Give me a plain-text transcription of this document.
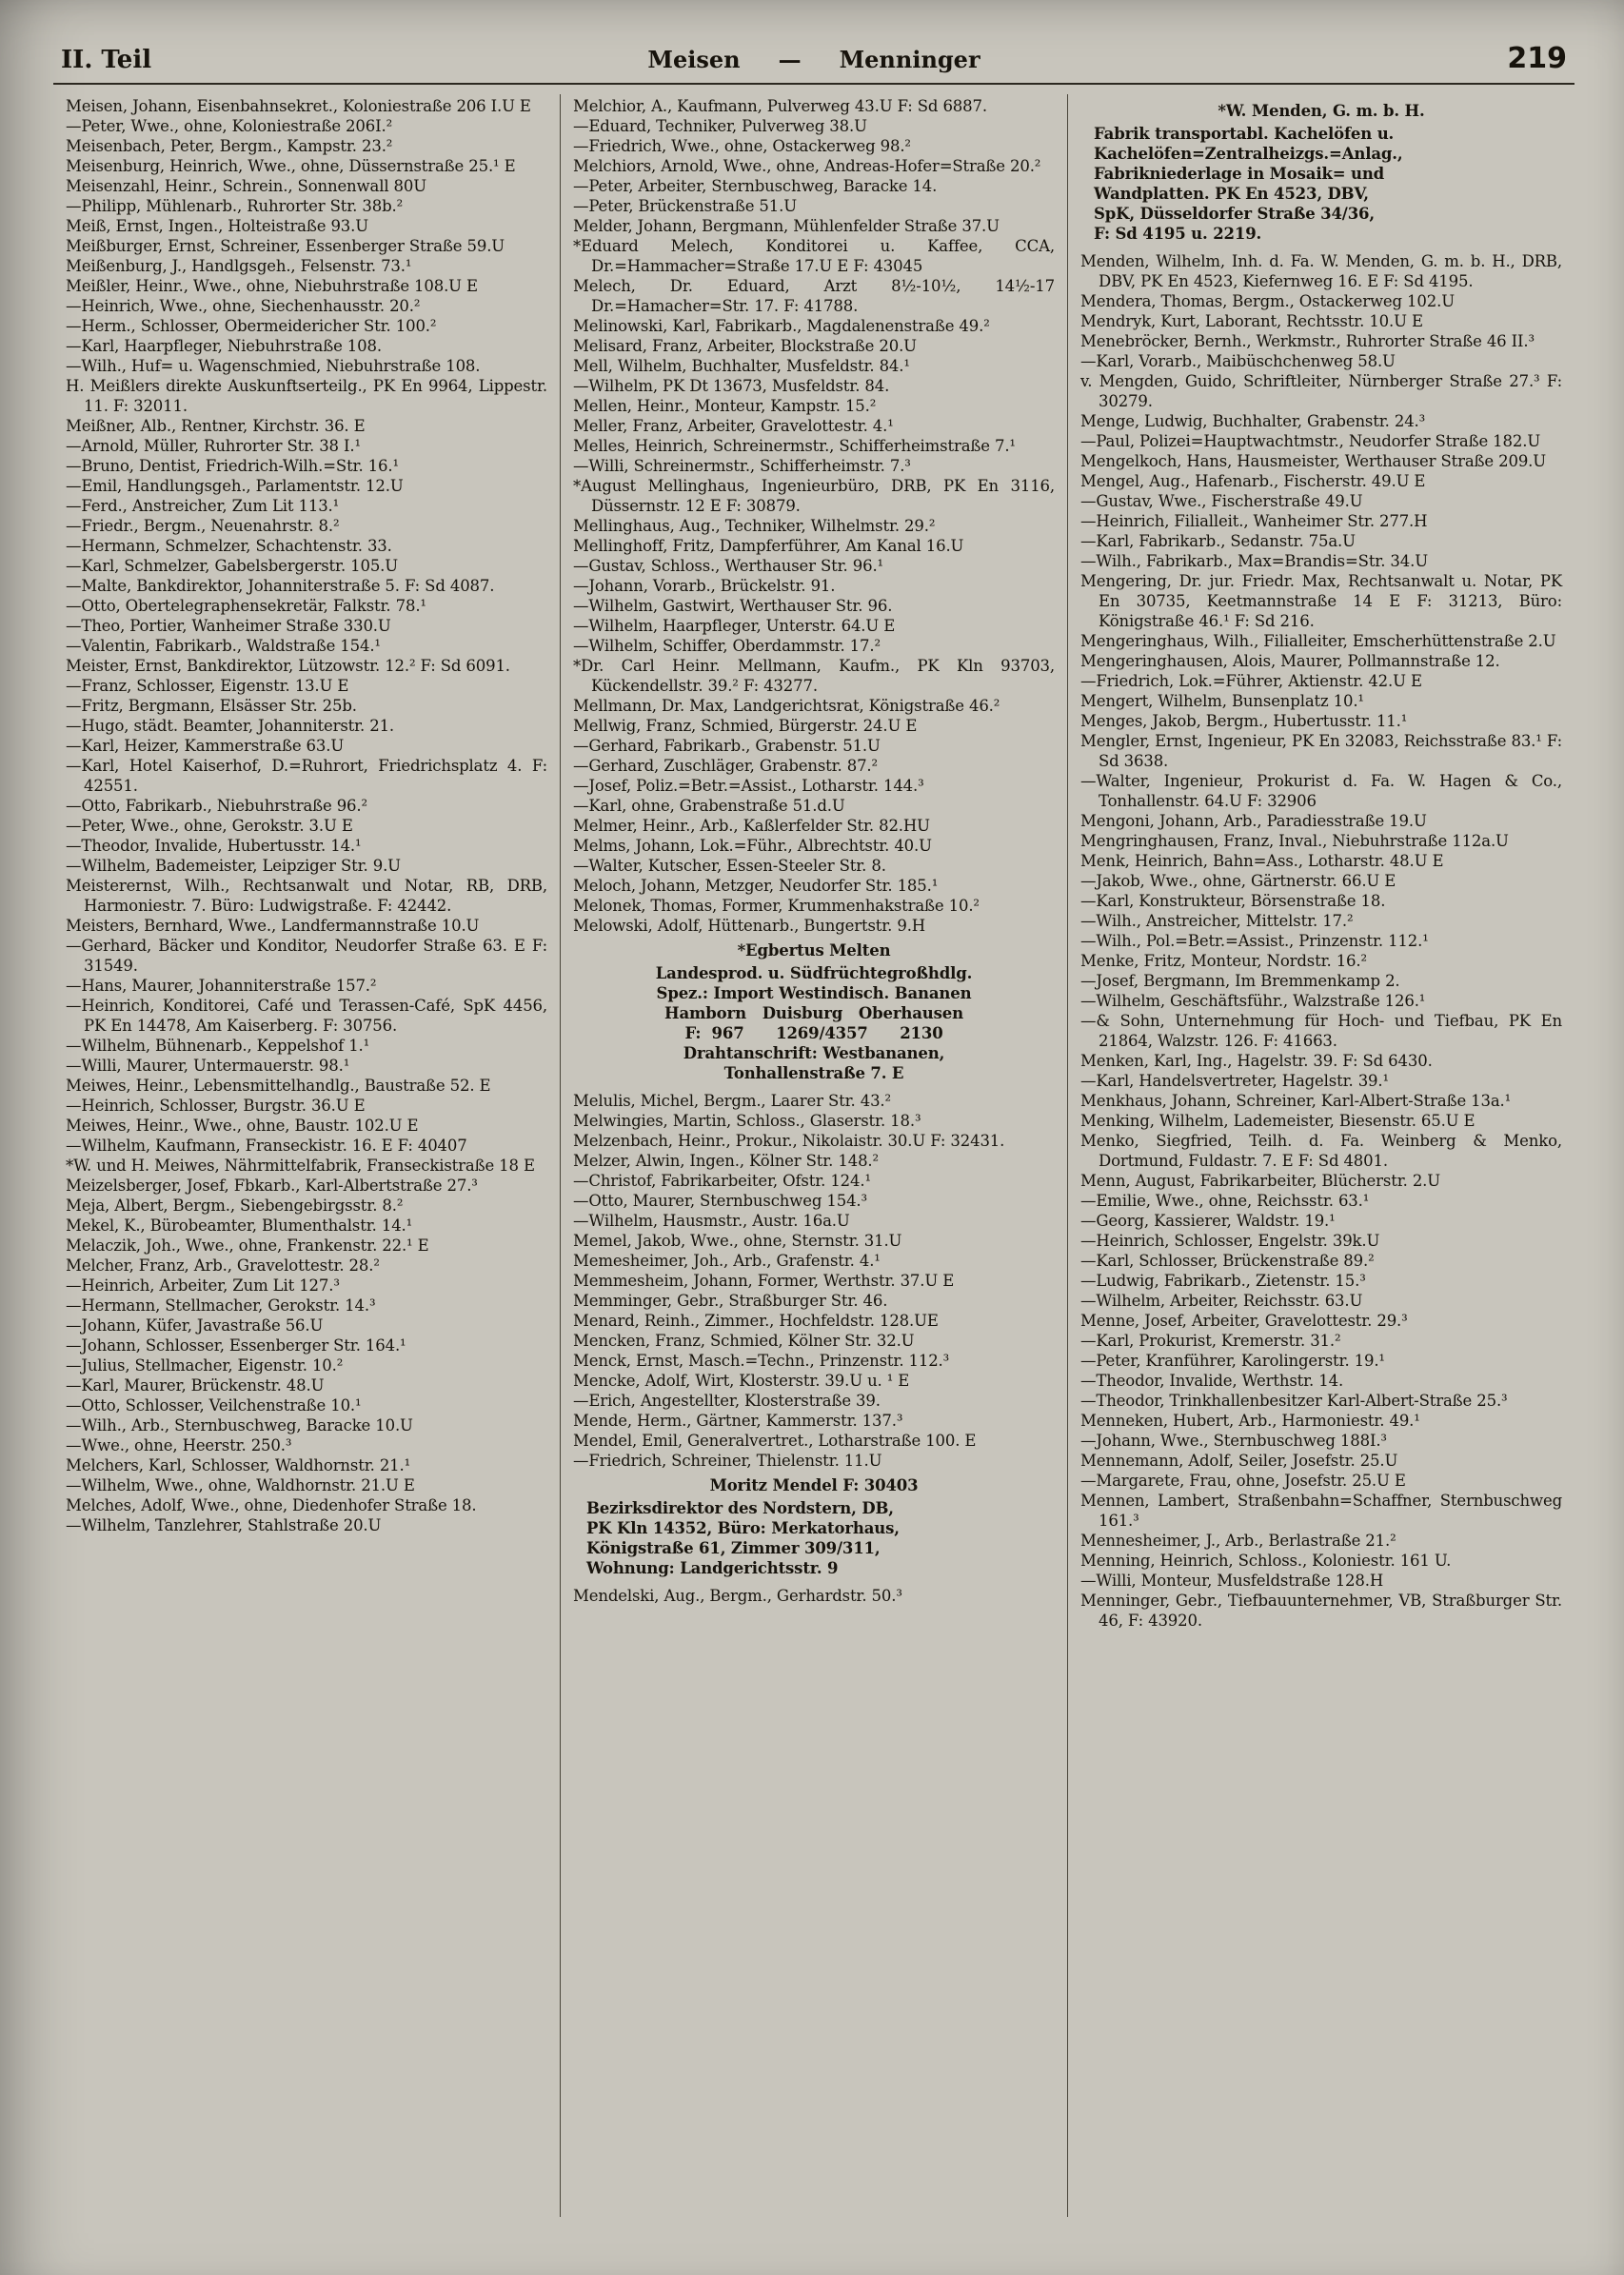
II. Teil	Meisen — Menninger	219

Meisen, Johann, Eisenbahnsekret., Koloniestraße 206 I.U E

—Peter, Wwe., ohne, Koloniestraße 206I.²

Meisenbach, Peter, Bergm., Kampstr. 23.²

Meisenburg, Heinrich, Wwe., ohne, Düssernstraße 25.¹ E

Meisenzahl, Heinr., Schrein., Sonnenwall 80U

—Philipp, Mühlenarb., Ruhrorter Str. 38b.²

Meiß, Ernst, Ingen., Holteistraße 93.U

Meißburger, Ernst, Schreiner, Essenberger Straße 59.U

Meißenburg, J., Handlgsgeh., Felsenstr. 73.¹

Meißler, Heinr., Wwe., ohne, Niebuhrstraße 108.U E

—Heinrich, Wwe., ohne, Siechenhausstr. 20.²

—Herm., Schlosser, Obermeidericher Str. 100.²

—Karl, Haarpfleger, Niebuhrstraße 108.

—Wilh., Huf= u. Wagenschmied, Niebuhrstraße 108.

H. Meißlers direkte Auskunftserteilg., PK En 9964, Lippestr. 11. F: 32011.

Meißner, Alb., Rentner, Kirchstr. 36. E

—Arnold, Müller, Ruhrorter Str. 38 I.¹

—Bruno, Dentist, Friedrich-Wilh.=Str. 16.¹

—Emil, Handlungsgeh., Parlamentstr. 12.U

—Ferd., Anstreicher, Zum Lit 113.¹

—Friedr., Bergm., Neuenahrstr. 8.²

—Hermann, Schmelzer, Schachtenstr. 33.

—Karl, Schmelzer, Gabelsbergerstr. 105.U

—Malte, Bankdirektor, Johanniterstraße 5. F: Sd 4087.

—Otto, Obertelegraphensekretär, Falkstr. 78.¹

—Theo, Portier, Wanheimer Straße 330.U

—Valentin, Fabrikarb., Waldstraße 154.¹

Meister, Ernst, Bankdirektor, Lützowstr. 12.² F: Sd 6091.

—Franz, Schlosser, Eigenstr. 13.U E

—Fritz, Bergmann, Elsässer Str. 25b.

—Hugo, städt. Beamter, Johanniterstr. 21.

—Karl, Heizer, Kammerstraße 63.U

—Karl, Hotel Kaiserhof, D.=Ruhrort, Friedrichsplatz 4. F: 42551.

—Otto, Fabrikarb., Niebuhrstraße 96.²

—Peter, Wwe., ohne, Gerokstr. 3.U E

—Theodor, Invalide, Hubertusstr. 14.¹

—Wilhelm, Bademeister, Leipziger Str. 9.U

Meisterernst, Wilh., Rechtsanwalt und Notar, RB, DRB, Harmoniestr. 7. Büro: Ludwigstraße. F: 42442.

Meisters, Bernhard, Wwe., Landfermannstraße 10.U

—Gerhard, Bäcker und Konditor, Neudorfer Straße 63. E F: 31549.

—Hans, Maurer, Johanniterstraße 157.²

—Heinrich, Konditorei, Café und Terassen-Café, SpK 4456, PK En 14478, Am Kaiserberg. F: 30756.

—Wilhelm, Bühnenarb., Keppelshof 1.¹

—Willi, Maurer, Untermauerstr. 98.¹

Meiwes, Heinr., Lebensmittelhandlg., Baustraße 52. E

—Heinrich, Schlosser, Burgstr. 36.U E

Meiwes, Heinr., Wwe., ohne, Baustr. 102.U E

—Wilhelm, Kaufmann, Franseckistr. 16. E F: 40407

*W. und H. Meiwes, Nährmittelfabrik, Franseckistraße 18 E

Meizelsberger, Josef, Fbkarb., Karl-Albertstraße 27.³

Meja, Albert, Bergm., Siebengebirgsstr. 8.²

Mekel, K., Bürobeamter, Blumenthalstr. 14.¹

Melaczik, Joh., Wwe., ohne, Frankenstr. 22.¹ E

Melcher, Franz, Arb., Gravelottestr. 28.²

—Heinrich, Arbeiter, Zum Lit 127.³

—Hermann, Stellmacher, Gerokstr. 14.³

—Johann, Küfer, Javastraße 56.U

—Johann, Schlosser, Essenberger Str. 164.¹

—Julius, Stellmacher, Eigenstr. 10.²

—Karl, Maurer, Brückenstr. 48.U

—Otto, Schlosser, Veilchenstraße 10.¹

—Wilh., Arb., Sternbuschweg, Baracke 10.U

—Wwe., ohne, Heerstr. 250.³

Melchers, Karl, Schlosser, Waldhornstr. 21.¹

—Wilhelm, Wwe., ohne, Waldhornstr. 21.U E

Melches, Adolf, Wwe., ohne, Diedenhofer Straße 18.

—Wilhelm, Tanzlehrer, Stahlstraße 20.U

Melchior, A., Kaufmann, Pulverweg 43.U F: Sd 6887.

—Eduard, Techniker, Pulverweg 38.U

—Friedrich, Wwe., ohne, Ostackerweg 98.²

Melchiors, Arnold, Wwe., ohne, Andreas-Hofer=Straße 20.²

—Peter, Arbeiter, Sternbuschweg, Baracke 14.

—Peter, Brückenstraße 51.U

Melder, Johann, Bergmann, Mühlenfelder Straße 37.U

*Eduard Melech, Konditorei u. Kaffee, CCA, Dr.=Hammacher=Straße 17.U E F: 43045

Melech, Dr. Eduard, Arzt 8½-10½, 14½-17 Dr.=Hamacher=Str. 17. F: 41788.

Melinowski, Karl, Fabrikarb., Magdalenenstraße 49.²

Melisard, Franz, Arbeiter, Blockstraße 20.U

Mell, Wilhelm, Buchhalter, Musfeldstr. 84.¹

—Wilhelm, PK Dt 13673, Musfeldstr. 84.

Mellen, Heinr., Monteur, Kampstr. 15.²

Meller, Franz, Arbeiter, Gravelottestr. 4.¹

Melles, Heinrich, Schreinermstr., Schifferheimstraße 7.¹

—Willi, Schreinermstr., Schifferheimstr. 7.³

*August Mellinghaus, Ingenieurbüro, DRB, PK En 3116, Düssernstr. 12 E F: 30879.

Mellinghaus, Aug., Techniker, Wilhelmstr. 29.²

Mellinghoff, Fritz, Dampferführer, Am Kanal 16.U

—Gustav, Schloss., Werthauser Str. 96.¹

—Johann, Vorarb., Brückelstr. 91.

—Wilhelm, Gastwirt, Werthauser Str. 96.

—Wilhelm, Haarpfleger, Unterstr. 64.U E

—Wilhelm, Schiffer, Oberdammstr. 17.²

*Dr. Carl Heinr. Mellmann, Kaufm., PK Kln 93703, Kückendellstr. 39.² F: 43277.

Mellmann, Dr. Max, Landgerichtsrat, Königstraße 46.²

Mellwig, Franz, Schmied, Bürgerstr. 24.U E

—Gerhard, Fabrikarb., Grabenstr. 51.U

—Gerhard, Zuschläger, Grabenstr. 87.²

—Josef, Poliz.=Betr.=Assist., Lotharstr. 144.³

—Karl, ohne, Grabenstraße 51.d.U

Melmer, Heinr., Arb., Kaßlerfelder Str. 82.HU

Melms, Johann, Lok.=Führ., Albrechtstr. 40.U

—Walter, Kutscher, Essen-Steeler Str. 8.

Meloch, Johann, Metzger, Neudorfer Str. 185.¹

Melonek, Thomas, Former, Krummenhakstraße 10.²

Melowski, Adolf, Hüttenarb., Bungertstr. 9.H

*Egbertus Melten

Landesprod. u. Südfrüchtegroßhdlg.

Spez.: Import Westindisch. Bananen

Hamborn   Duisburg   Oberhausen

F:  967      1269/4357      2130

Drahtanschrift: Westbananen,

Tonhallenstraße 7. E

Melulis, Michel, Bergm., Laarer Str. 43.²

Melwingies, Martin, Schloss., Glaserstr. 18.³

Melzenbach, Heinr., Prokur., Nikolaistr. 30.U F: 32431.

Melzer, Alwin, Ingen., Kölner Str. 148.²

—Christof, Fabrikarbeiter, Ofstr. 124.¹

—Otto, Maurer, Sternbuschweg 154.³

—Wilhelm, Hausmstr., Austr. 16a.U

Memel, Jakob, Wwe., ohne, Sternstr. 31.U

Memesheimer, Joh., Arb., Grafenstr. 4.¹

Memmesheim, Johann, Former, Werthstr. 37.U E

Memminger, Gebr., Straßburger Str. 46.

Menard, Reinh., Zimmer., Hochfeldstr. 128.UE

Mencken, Franz, Schmied, Kölner Str. 32.U

Menck, Ernst, Masch.=Techn., Prinzenstr. 112.³

Mencke, Adolf, Wirt, Klosterstr. 39.U u. ¹ E

—Erich, Angestellter, Klosterstraße 39.

Mende, Herm., Gärtner, Kammerstr. 137.³

Mendel, Emil, Generalvertret., Lotharstraße 100. E

—Friedrich, Schreiner, Thielenstr. 11.U

Moritz Mendel F: 30403

Bezirksdirektor des Nordstern, DB,

PK Kln 14352, Büro: Merkatorhaus,

Königstraße 61, Zimmer 309/311,

Wohnung: Landgerichtsstr. 9

Mendelski, Aug., Bergm., Gerhardstr. 50.³

*W. Menden, G. m. b. H.

Fabrik transportabl. Kachelöfen u.

Kachelöfen=Zentralheizgs.=Anlag.,

Fabrikniederlage in Mosaik= und

Wandplatten. PK En 4523, DBV,

SpK, Düsseldorfer Straße 34/36,

F: Sd 4195 u. 2219.

Menden, Wilhelm, Inh. d. Fa. W. Menden, G. m. b. H., DRB, DBV, PK En 4523, Kiefernweg 16. E F: Sd 4195.

Mendera, Thomas, Bergm., Ostackerweg 102.U

Mendryk, Kurt, Laborant, Rechtsstr. 10.U E

Menebröcker, Bernh., Werkmstr., Ruhrorter Straße 46 II.³

—Karl, Vorarb., Maibüschchenweg 58.U

v. Mengden, Guido, Schriftleiter, Nürnberger Straße 27.³ F: 30279.

Menge, Ludwig, Buchhalter, Grabenstr. 24.³

—Paul, Polizei=Hauptwachtmstr., Neudorfer Straße 182.U

Mengelkoch, Hans, Hausmeister, Werthauser Straße 209.U

Mengel, Aug., Hafenarb., Fischerstr. 49.U E

—Gustav, Wwe., Fischerstraße 49.U

—Heinrich, Filialleit., Wanheimer Str. 277.H

—Karl, Fabrikarb., Sedanstr. 75a.U

—Wilh., Fabrikarb., Max=Brandis=Str. 34.U

Mengering, Dr. jur. Friedr. Max, Rechtsanwalt u. Notar, PK En 30735, Keetmannstraße 14 E F: 31213, Büro: Königstraße 46.¹ F: Sd 216.

Mengeringhaus, Wilh., Filialleiter, Emscherhüttenstraße 2.U

Mengeringhausen, Alois, Maurer, Pollmannstraße 12.

—Friedrich, Lok.=Führer, Aktienstr. 42.U E

Mengert, Wilhelm, Bunsenplatz 10.¹

Menges, Jakob, Bergm., Hubertusstr. 11.¹

Mengler, Ernst, Ingenieur, PK En 32083, Reichsstraße 83.¹ F: Sd 3638.

—Walter, Ingenieur, Prokurist d. Fa. W. Hagen & Co., Tonhallenstr. 64.U F: 32906

Mengoni, Johann, Arb., Paradiesstraße 19.U

Mengringhausen, Franz, Inval., Niebuhrstraße 112a.U

Menk, Heinrich, Bahn=Ass., Lotharstr. 48.U E

—Jakob, Wwe., ohne, Gärtnerstr. 66.U E

—Karl, Konstrukteur, Börsenstraße 18.

—Wilh., Anstreicher, Mittelstr. 17.²

—Wilh., Pol.=Betr.=Assist., Prinzenstr. 112.¹

Menke, Fritz, Monteur, Nordstr. 16.²

—Josef, Bergmann, Im Bremmenkamp 2.

—Wilhelm, Geschäftsführ., Walzstraße 126.¹

—& Sohn, Unternehmung für Hoch- und Tiefbau, PK En 21864, Walzstr. 126. F: 41663.

Menken, Karl, Ing., Hagelstr. 39. F: Sd 6430.

—Karl, Handelsvertreter, Hagelstr. 39.¹

Menkhaus, Johann, Schreiner, Karl-Albert-Straße 13a.¹

Menking, Wilhelm, Lademeister, Biesenstr. 65.U E

Menko, Siegfried, Teilh. d. Fa. Weinberg & Menko, Dortmund, Fuldastr. 7. E F: Sd 4801.

Menn, August, Fabrikarbeiter, Blücherstr. 2.U

—Emilie, Wwe., ohne, Reichsstr. 63.¹

—Georg, Kassierer, Waldstr. 19.¹

—Heinrich, Schlosser, Engelstr. 39k.U

—Karl, Schlosser, Brückenstraße 89.²

—Ludwig, Fabrikarb., Zietenstr. 15.³

—Wilhelm, Arbeiter, Reichsstr. 63.U

Menne, Josef, Arbeiter, Gravelottestr. 29.³

—Karl, Prokurist, Kremerstr. 31.²

—Peter, Kranführer, Karolingerstr. 19.¹

—Theodor, Invalide, Werthstr. 14.

—Theodor, Trinkhallenbesitzer Karl-Albert-Straße 25.³

Menneken, Hubert, Arb., Harmoniestr. 49.¹

—Johann, Wwe., Sternbuschweg 188I.³

Mennemann, Adolf, Seiler, Josefstr. 25.U

—Margarete, Frau, ohne, Josefstr. 25.U E

Mennen, Lambert, Straßenbahn=Schaffner, Sternbuschweg 161.³

Mennesheimer, J., Arb., Berlastraße 21.²

Menning, Heinrich, Schloss., Koloniestr. 161 U.

—Willi, Monteur, Musfeldstraße 128.H

Menninger, Gebr., Tiefbauunternehmer, VB, Straßburger Str. 46, F: 43920.
